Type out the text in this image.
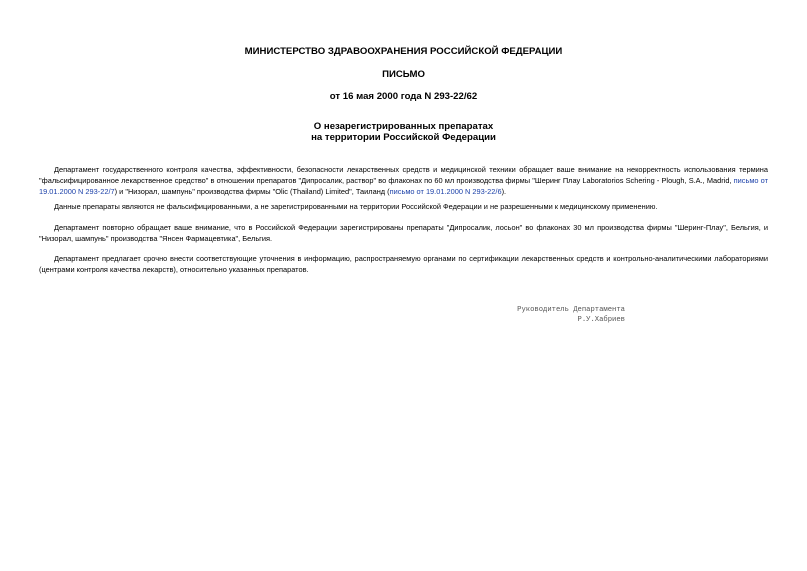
МИНИСТЕРСТВО ЗДРАВООХРАНЕНИЯ РОССИЙСКОЙ ФЕДЕРАЦИИ
ПИСЬМО
от 16 мая 2000 года N 293-22/62
О незарегистрированных препаратах
на территории Российской Федерации
Департамент государственного контроля качества, эффективности, безопасности лекарственных средств и медицинской техники обращает ваше внимание на некорректность использования термина "фальсифицированное лекарственное средство" в отношении препаратов "Дипросалик, раствор" во флаконах по 60 мл производства фирмы "Шеринг Плау Laboratorios Schering - Plough, S.A., Madrid, письмо от 19.01.2000 N 293-22/7) и "Низорал, шампунь" производства фирмы "Olic (Thailand) Limited", Таиланд (письмо от 19.01.2000 N 293-22/6).
Данные препараты являются не фальсифицированными, а не зарегистрированными на территории Российской Федерации и не разрешенными к медицинскому применению.
Департамент повторно обращает ваше внимание, что в Российской Федерации зарегистрированы препараты "Дипросалик, лосьон" во флаконах 30 мл производства фирмы "Шеринг-Плау", Бельгия, и "Низорал, шампунь" производства "Янсен Фармацевтика", Бельгия.
Департамент предлагает срочно внести соответствующие уточнения в информацию, распространяемую органами по сертификации лекарственных средств и контрольно-аналитическими лабораториями (центрами контроля качества лекарств), относительно указанных препаратов.
Руководитель Департамента
Р.У.Хабриев
